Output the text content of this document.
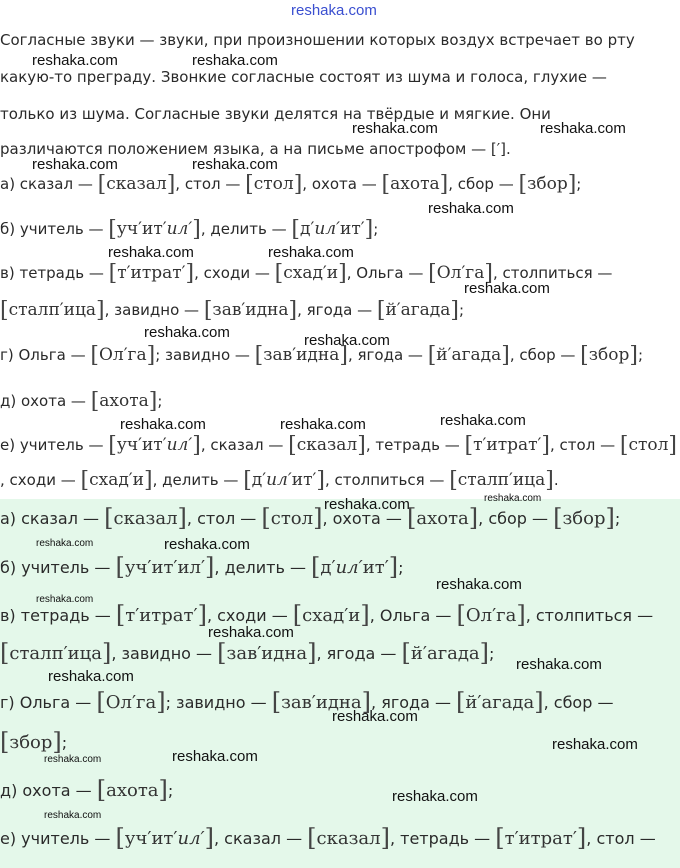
reshaka.com
Согласные звуки — звуки, при произношении которых воздух встречает во рту
какую-то преграду. Звонкие согласные состоят из шума и голоса, глухие —
только из шума. Согласные звуки делятся на твёрдые и мягкие. Они
различаются положением языка, а на письме апострофом — [′].
а) сказал — [сказал], стол — [стол], охота — [ахота], сбор — [збор];
б) учитель — [уч′ит′ил′], делить — [д′ил′ит′];
в) тетрадь — [т′итрат′], сходи — [схад′и], Ольга — [Ол′га], столпиться —
[сталп′ица], завидно — [зав′идна], ягода — [й′агада];
г) Ольга — [Ол′га]; завидно — [зав′идна], ягода — [й′агада], сбор — [збор];
д) охота — [ахота];
е) учитель — [уч′ит′ил′], сказал — [сказал], тетрадь — [т′итрат′], стол — [стол]
, сходи — [схад′и], делить — [д′ил′ит′], столпиться — [сталп′ица].
а) сказал — [сказал], стол — [стол], охота — [ахота], сбор — [збор];
б) учитель — [уч′ит′ил′], делить — [д′ил′ит′];
в) тетрадь — [т′итрат′], сходи — [схад′и], Ольга — [Ол′га], столпиться —
[сталп′ица], завидно — [зав′идна], ягода — [й′агада];
г) Ольга — [Ол′га]; завидно — [зав′идна], ягода — [й′агада], сбор —
[збор];
д) охота — [ахота];
е) учитель — [уч′ит′ил′], сказал — [сказал], тетрадь — [т′итрат′], стол —
reshaka.com	reshaka.com
reshaka.com	reshaka.com
reshaka.com	reshaka.com
reshaka.com
reshaka.com	reshaka.com
reshaka.com
reshaka.com	reshaka.com
reshaka.com	reshaka.com	reshaka.com
reshaka.com	reshaka.com
reshaka.com	reshaka.com
reshaka.com
reshaka.com
reshaka.com
reshaka.com
reshaka.com
reshaka.com
reshaka.com
reshaka.com	reshaka.com
reshaka.com
reshaka.com
